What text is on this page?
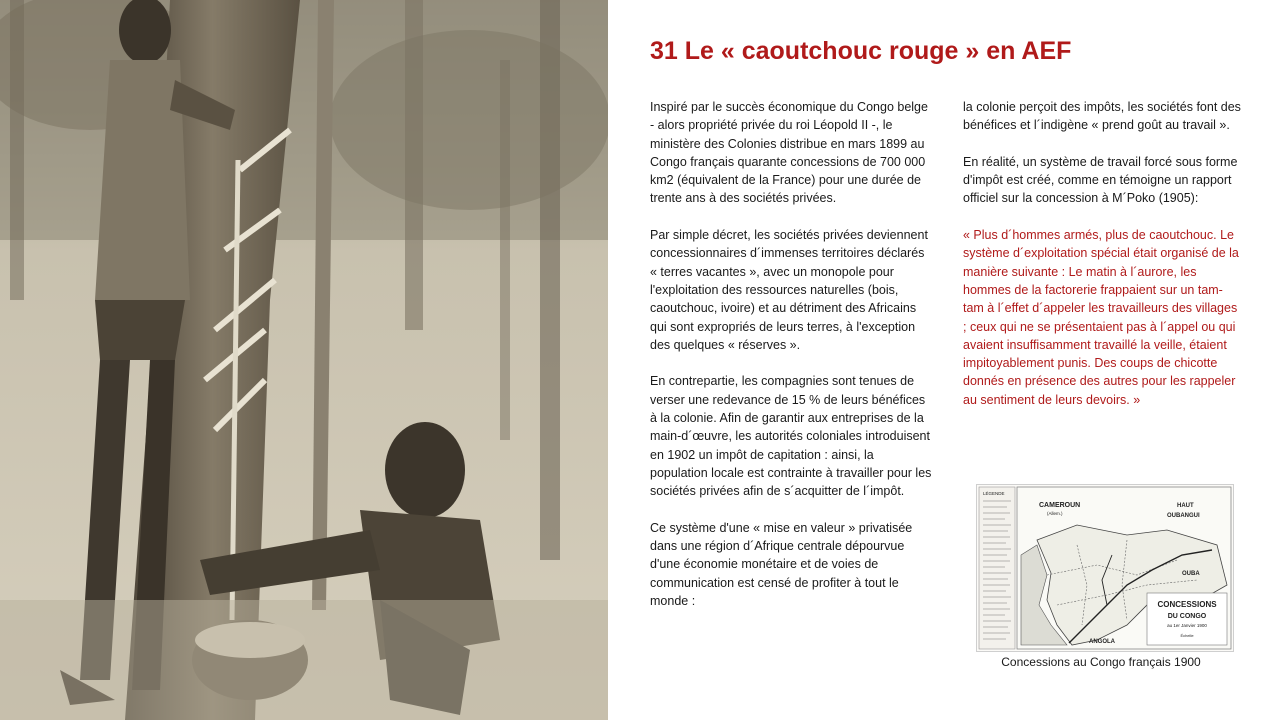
31 Le « caoutchouc rouge » en AEF

Inspiré par le succès économique du Congo belge - alors propriété privée du roi Léopold II -, le ministère des Colonies distribue en mars 1899 au Congo français quarante concessions de 700 000 km2 (équivalent de la France) pour une durée de trente ans à des sociétés privées.

Par simple décret, les sociétés privées deviennent concessionnaires d´immenses territoires déclarés « terres vacantes », avec un monopole pour l'exploitation des ressources naturelles (bois, caoutchouc, ivoire) et au détriment des Africains qui sont expropriés de leurs terres, à l'exception des quelques « réserves ».

En contrepartie, les compagnies sont tenues de verser une redevance de 15 % de leurs bénéfices à la colonie. Afin de garantir aux entreprises de la main-d´œuvre, les autorités coloniales introduisent en 1902 un impôt de capitation : ainsi, la population locale est contrainte à travailler pour les sociétés privées afin de s´acquitter de l´impôt.

Ce système d'une « mise en valeur » privatisée dans une région d´Afrique centrale dépourvue d'une économie monétaire et de voies de communication est censé de profiter à tout le monde :

la colonie perçoit des impôts, les sociétés font des bénéfices et l´indigène « prend goût au travail ».

En réalité, un système de travail forcé sous forme d'impôt est créé, comme en témoigne un rapport officiel sur la concession à M´Poko (1905):

« Plus d´hommes armés, plus de caoutchouc. Le système d´exploitation spécial était organisé de la manière suivante : Le matin à l´aurore, les hommes de la factorerie frappaient sur un tam-tam à l´effet d´appeler les travailleurs des villages ; ceux qui ne se présentaient pas à l´appel ou qui avaient insuffisamment travaillé la veille, étaient impitoyablement punis. Des coups de chicotte donnés en présence des autres pour les rappeler au sentiment de leurs devoirs. »

LÉGENDE
CAMEROUN
(Allem.)
HAUT
OUBANGUI
OUBA
ANGOLA
CONCESSIONS
DU CONGO
au 1er Janvier 1900
Échelle
Concessions au Congo français 1900
